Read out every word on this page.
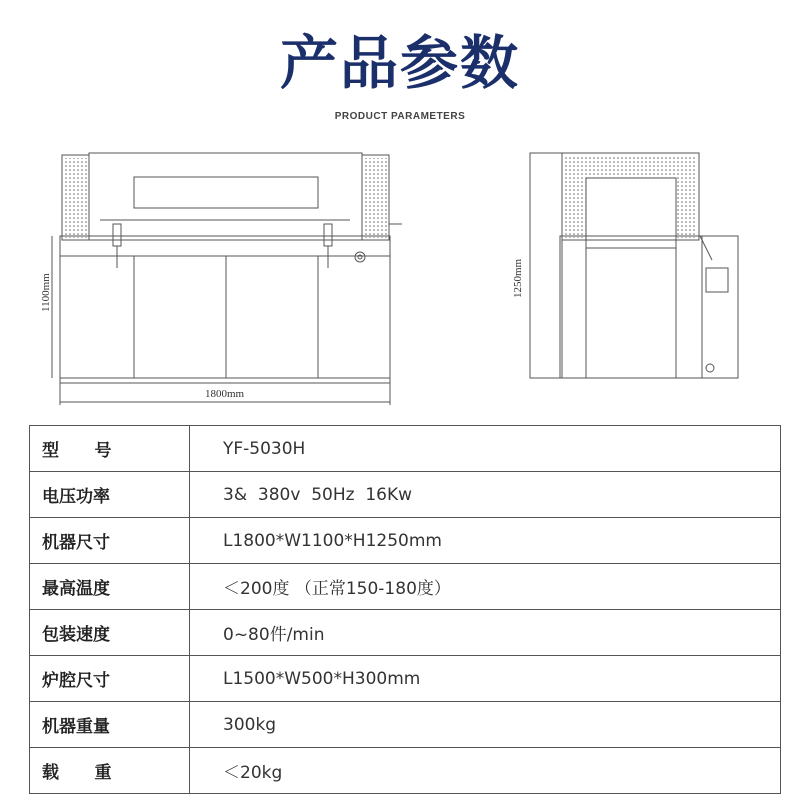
产品参数
PRODUCT PARAMETERS
1100mm
1800mm
1250mm
型      号	YF-5030H
电压功率	3&  380v  50Hz  16Kw
机器尺寸	L1800*W1100*H1250mm
最高温度	＜200度 （正常150-180度）
包装速度	0~80件/min
炉腔尺寸	L1500*W500*H300mm
机器重量	300kg
载      重	＜20kg
